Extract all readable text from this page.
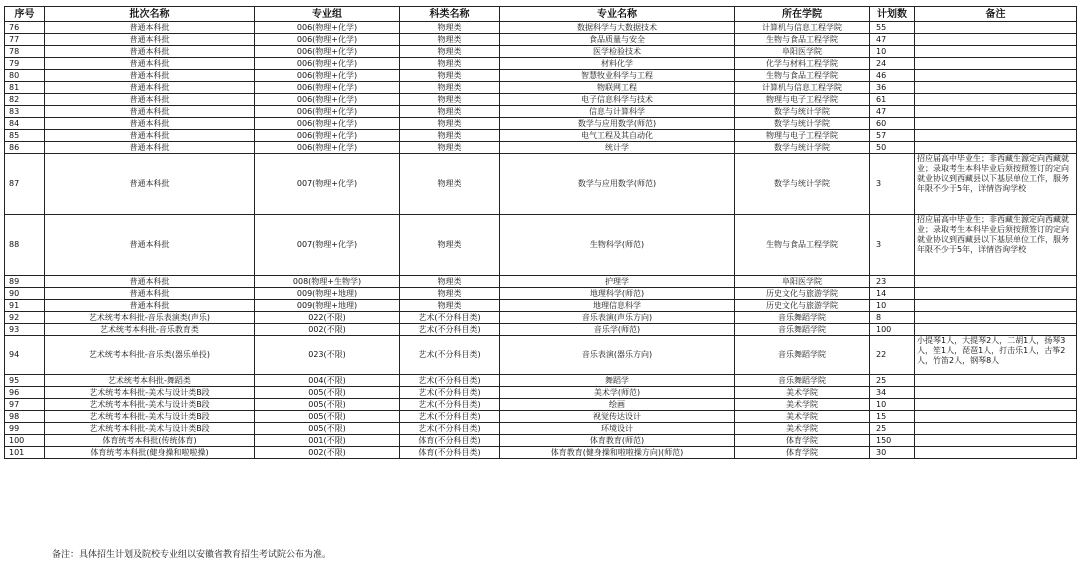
序号	批次名称	专业组	科类名称	专业名称	所在学院	计划数	备注
76	普通本科批	006(物理+化学)	物理类	数据科学与大数据技术	计算机与信息工程学院	55	
77	普通本科批	006(物理+化学)	物理类	食品质量与安全	生物与食品工程学院	47	
78	普通本科批	006(物理+化学)	物理类	医学检验技术	阜阳医学院	10	
79	普通本科批	006(物理+化学)	物理类	材料化学	化学与材料工程学院	24	
80	普通本科批	006(物理+化学)	物理类	智慧牧业科学与工程	生物与食品工程学院	46	
81	普通本科批	006(物理+化学)	物理类	物联网工程	计算机与信息工程学院	36	
82	普通本科批	006(物理+化学)	物理类	电子信息科学与技术	物理与电子工程学院	61	
83	普通本科批	006(物理+化学)	物理类	信息与计算科学	数学与统计学院	47	
84	普通本科批	006(物理+化学)	物理类	数学与应用数学(师范)	数学与统计学院	60	
85	普通本科批	006(物理+化学)	物理类	电气工程及其自动化	物理与电子工程学院	57	
86	普通本科批	006(物理+化学)	物理类	统计学	数学与统计学院	50	
87	普通本科批	007(物理+化学)	物理类	数学与应用数学(师范)	数学与统计学院	3	招应届高中毕业生；非西藏生源定向西藏就业；录取考生本科毕业后须按照签订的定向就业协议到西藏县以下基层单位工作，服务年限不少于5年，详情咨询学校
88	普通本科批	007(物理+化学)	物理类	生物科学(师范)	生物与食品工程学院	3	招应届高中毕业生；非西藏生源定向西藏就业；录取考生本科毕业后须按照签订的定向就业协议到西藏县以下基层单位工作，服务年限不少于5年，详情咨询学校
89	普通本科批	008(物理+生物学)	物理类	护理学	阜阳医学院	23	
90	普通本科批	009(物理+地理)	物理类	地理科学(师范)	历史文化与旅游学院	14	
91	普通本科批	009(物理+地理)	物理类	地理信息科学	历史文化与旅游学院	10	
92	艺术统考本科批-音乐表演类(声乐)	022(不限)	艺术(不分科目类)	音乐表演(声乐方向)	音乐舞蹈学院	8	
93	艺术统考本科批-音乐教育类	002(不限)	艺术(不分科目类)	音乐学(师范)	音乐舞蹈学院	100	
94	艺术统考本科批-音乐类(器乐单投)	023(不限)	艺术(不分科目类)	音乐表演(器乐方向)	音乐舞蹈学院	22	小提琴1人，大提琴2人，二胡1人，扬琴3人，笙1人，琵琶1人，打击乐1人，古筝2人，竹笛2人，钢琴8人
95	艺术统考本科批-舞蹈类	004(不限)	艺术(不分科目类)	舞蹈学	音乐舞蹈学院	25	
96	艺术统考本科批-美术与设计类B段	005(不限)	艺术(不分科目类)	美术学(师范)	美术学院	34	
97	艺术统考本科批-美术与设计类B段	005(不限)	艺术(不分科目类)	绘画	美术学院	10	
98	艺术统考本科批-美术与设计类B段	005(不限)	艺术(不分科目类)	视觉传达设计	美术学院	15	
99	艺术统考本科批-美术与设计类B段	005(不限)	艺术(不分科目类)	环境设计	美术学院	25	
100	体育统考本科批(传统体育)	001(不限)	体育(不分科目类)	体育教育(师范)	体育学院	150	
101	体育统考本科批(健身操和啦啦操)	002(不限)	体育(不分科目类)	体育教育(健身操和啦啦操方向)(师范)	体育学院	30	
备注：具体招生计划及院校专业组以安徽省教育招生考试院公布为准。
